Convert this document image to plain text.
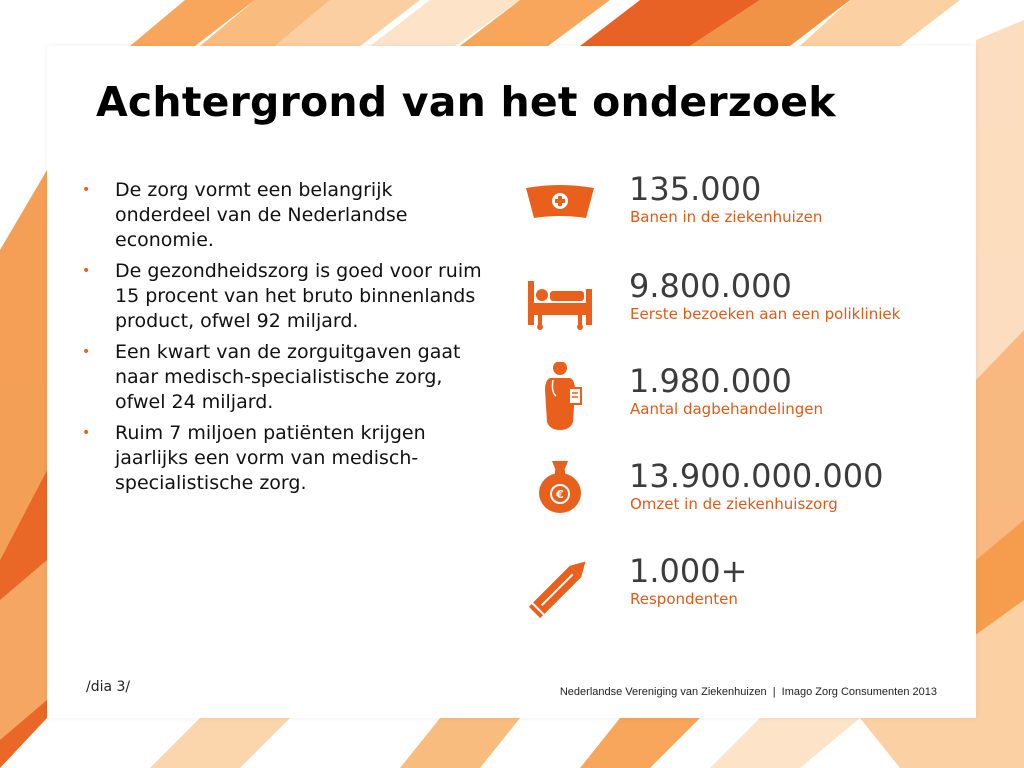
Achtergrond van het onderzoek
• De zorg vormt een belangrijk onderdeel van de Nederlandse economie.
• De gezondheidszorg is goed voor ruim 15 procent van het bruto binnenlands product, ofwel 92 miljard.
• Een kwart van de zorguitgaven gaat naar medisch-specialistische zorg, ofwel 24 miljard.
• Ruim 7 miljoen patiënten krijgen jaarlijks een vorm van medisch-specialistische zorg.
135.000
Banen in de ziekenhuizen
9.800.000
Eerste bezoeken aan een polikliniek
1.980.000
Aantal dagbehandelingen
€ 13.900.000.000
Omzet in de ziekenhuiszorg
1.000+
Respondenten
/dia 3/	Nederlandse Vereniging van Ziekenhuizen | Imago Zorg Consumenten 2013
